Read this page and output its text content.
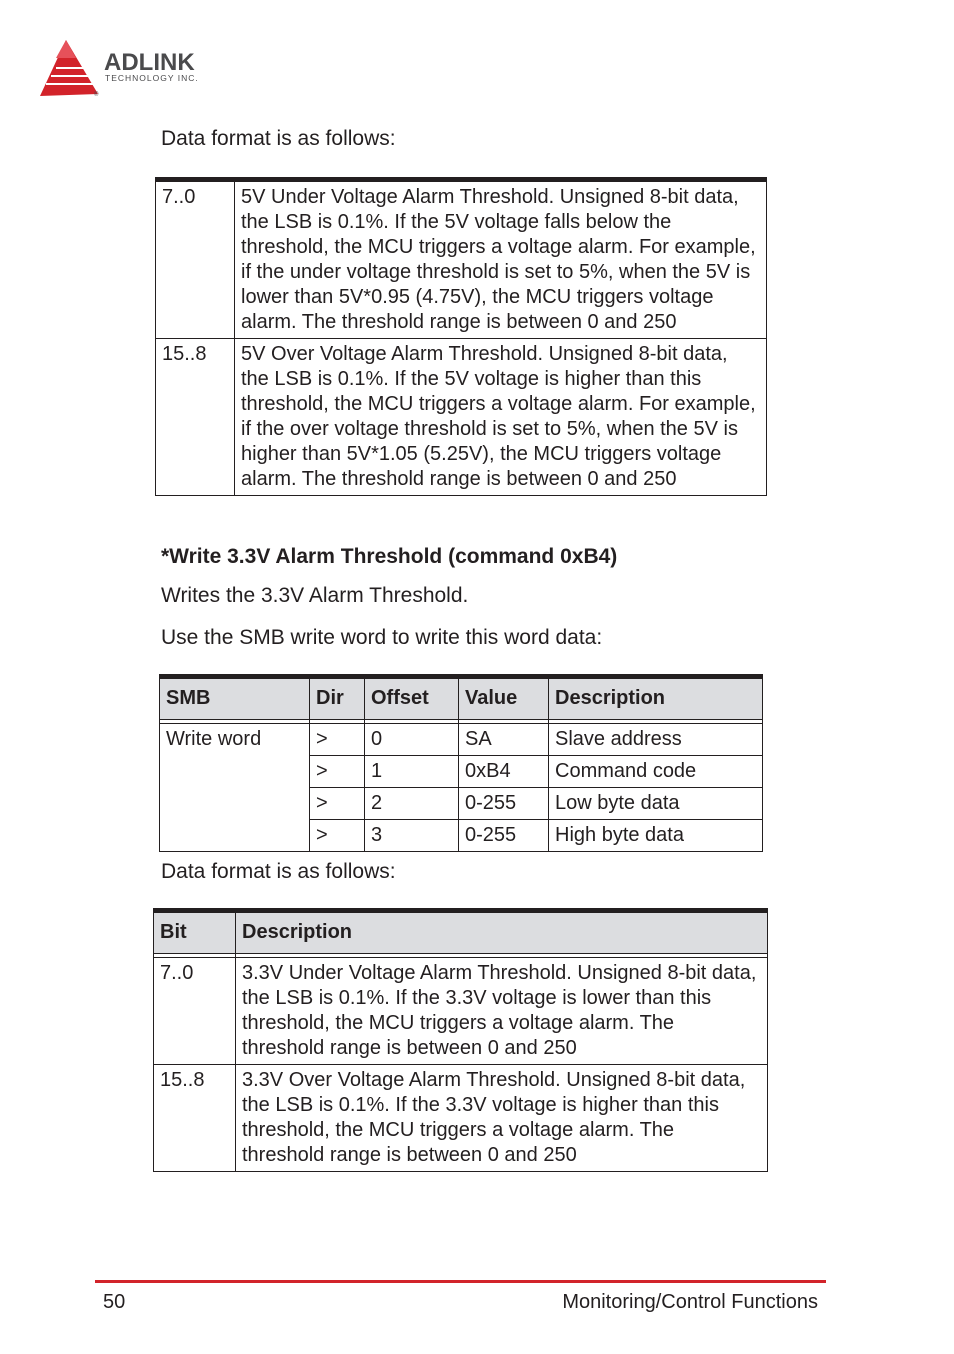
ADLINK
TECHNOLOGY INC.
®

Data format is as follows:

7..0	5V Under Voltage Alarm Threshold. Unsigned 8-bit data, the LSB is 0.1%. If the 5V voltage falls below the threshold, the MCU triggers a voltage alarm. For example, if the under voltage threshold is set to 5%, when the 5V is lower than 5V*0.95 (4.75V), the MCU triggers voltage alarm. The threshold range is between 0 and 250
15..8	5V Over Voltage Alarm Threshold. Unsigned 8-bit data, the LSB is 0.1%. If the 5V voltage is higher than this threshold, the MCU triggers a voltage alarm. For example, if the over voltage threshold is set to 5%, when the 5V is higher than 5V*1.05 (5.25V), the MCU triggers voltage alarm. The threshold range is between 0 and 250

*Write 3.3V Alarm Threshold (command 0xB4)

Writes the 3.3V Alarm Threshold.

Use the SMB write word to write this word data:

SMB	Dir	Offset	Value	Description

Write word	>	0	SA	Slave address
	>	1	0xB4	Command code
	>	2	0-255	Low byte data
	>	3	0-255	High byte data

Data format is as follows:

Bit	Description

7..0	3.3V Under Voltage Alarm Threshold. Unsigned 8-bit data, the LSB is 0.1%. If the 3.3V voltage is lower than this threshold, the MCU triggers a voltage alarm. The threshold range is between 0 and 250
15..8	3.3V Over Voltage Alarm Threshold. Unsigned 8-bit data, the LSB is 0.1%. If the 3.3V voltage is higher than this threshold, the MCU triggers a voltage alarm. The threshold range is between 0 and 250
50	Monitoring/Control Functions
